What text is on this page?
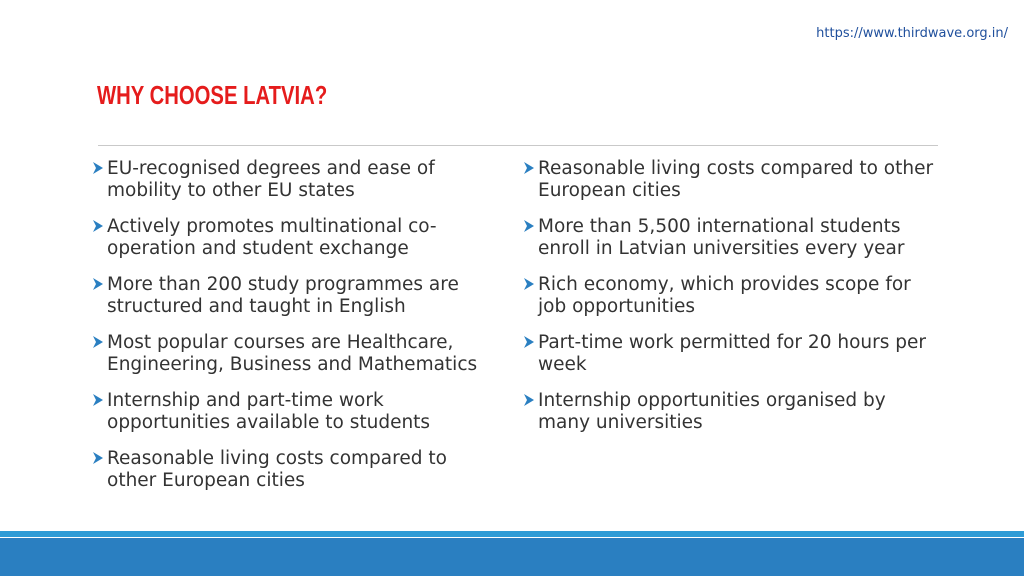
https://www.thirdwave.org.in/
WHY CHOOSE LATVIA?
EU-recognised degrees and ease of mobility to other EU states
Actively promotes multinational co-operation and student exchange
More than 200 study programmes are structured and taught in English
Most popular courses are Healthcare, Engineering, Business and Mathematics
Internship and part-time work opportunities available to students
Reasonable living costs compared to other European cities
Reasonable living costs compared to other European cities
More than 5,500 international students enroll in Latvian universities every year
Rich economy, which provides scope for job opportunities
Part-time work permitted for 20 hours per week
Internship opportunities organised by many universities
